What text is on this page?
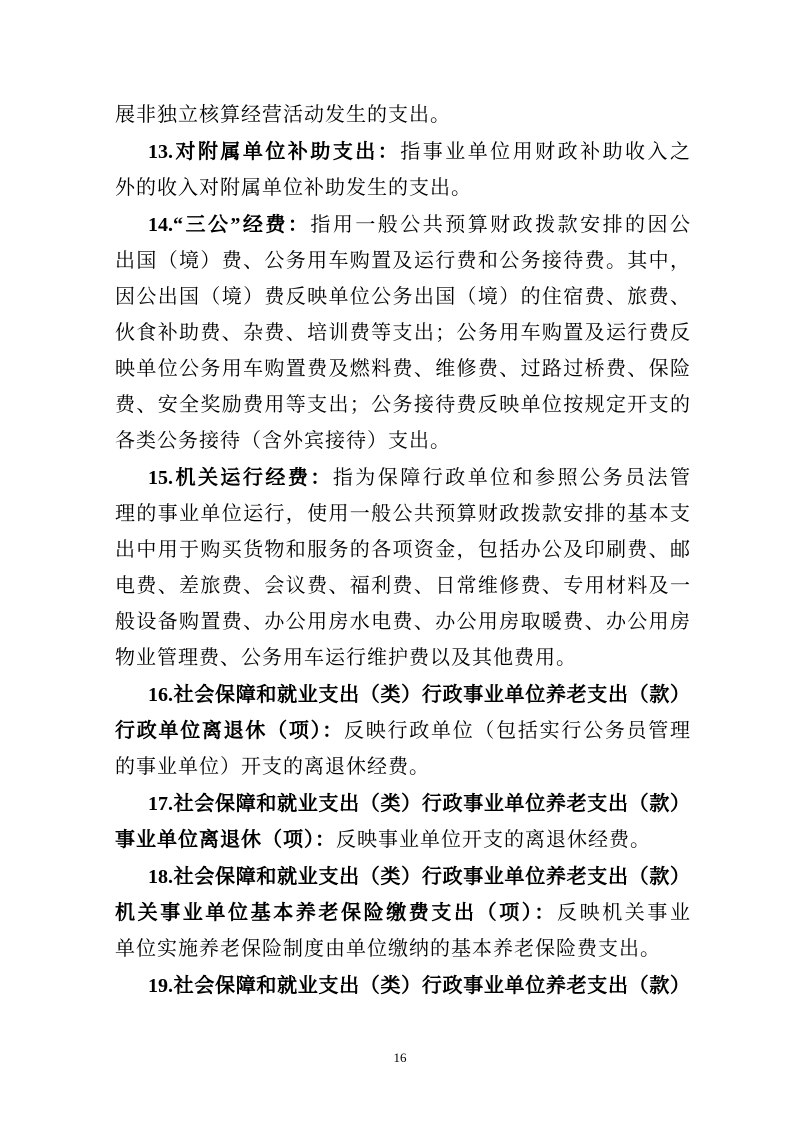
展非独立核算经营活动发生的支出。
13.对附属单位补助支出：指事业单位用财政补助收入之
外的收入对附属单位补助发生的支出。
14.“三公”经费：指用一般公共预算财政拨款安排的因公
出国（境）费、公务用车购置及运行费和公务接待费。其中，
因公出国（境）费反映单位公务出国（境）的住宿费、旅费、
伙食补助费、杂费、培训费等支出；公务用车购置及运行费反
映单位公务用车购置费及燃料费、维修费、过路过桥费、保险
费、安全奖励费用等支出；公务接待费反映单位按规定开支的
各类公务接待（含外宾接待）支出。
15.机关运行经费：指为保障行政单位和参照公务员法管
理的事业单位运行，使用一般公共预算财政拨款安排的基本支
出中用于购买货物和服务的各项资金，包括办公及印刷费、邮
电费、差旅费、会议费、福利费、日常维修费、专用材料及一
般设备购置费、办公用房水电费、办公用房取暖费、办公用房
物业管理费、公务用车运行维护费以及其他费用。
16.社会保障和就业支出（类）行政事业单位养老支出（款）
行政单位离退休（项）：反映行政单位（包括实行公务员管理
的事业单位）开支的离退休经费。
17.社会保障和就业支出（类）行政事业单位养老支出（款）
事业单位离退休（项）：反映事业单位开支的离退休经费。
18.社会保障和就业支出（类）行政事业单位养老支出（款）
机关事业单位基本养老保险缴费支出（项）：反映机关事业
单位实施养老保险制度由单位缴纳的基本养老保险费支出。
19.社会保障和就业支出（类）行政事业单位养老支出（款）
16
